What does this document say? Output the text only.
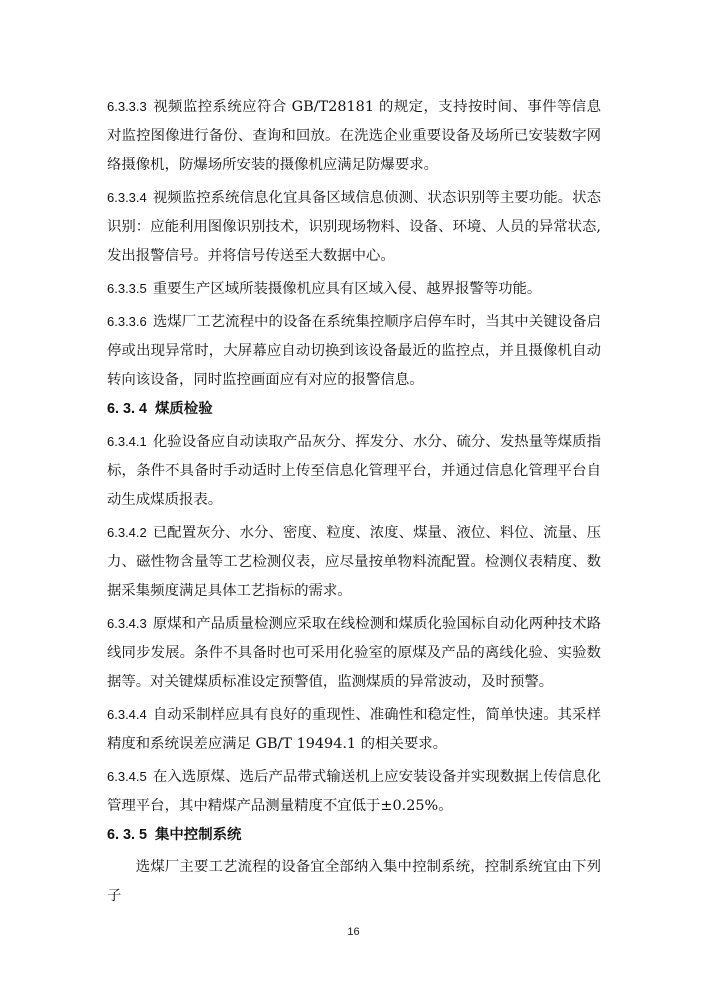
6.3.3.3 视频监控系统应符合 GB/T28181 的规定，支持按时间、事件等信息对监控图像进行备份、查询和回放。在洗选企业重要设备及场所已安装数字网络摄像机，防爆场所安装的摄像机应满足防爆要求。

6.3.3.4 视频监控系统信息化宜具备区域信息侦测、状态识别等主要功能。状态识别：应能利用图像识别技术，识别现场物料、设备、环境、人员的异常状态,发出报警信号。并将信号传送至大数据中心。

6.3.3.5 重要生产区域所装摄像机应具有区域入侵、越界报警等功能。

6.3.3.6 选煤厂工艺流程中的设备在系统集控顺序启停车时，当其中关键设备启停或出现异常时，大屏幕应自动切换到该设备最近的监控点，并且摄像机自动转向该设备，同时监控画面应有对应的报警信息。

6. 3. 4 煤质检验

6.3.4.1 化验设备应自动读取产品灰分、挥发分、水分、硫分、发热量等煤质指标，条件不具备时手动适时上传至信息化管理平台，并通过信息化管理平台自动生成煤质报表。

6.3.4.2 已配置灰分、水分、密度、粒度、浓度、煤量、液位、料位、流量、压力、磁性物含量等工艺检测仪表，应尽量按单物料流配置。检测仪表精度、数据采集频度满足具体工艺指标的需求。

6.3.4.3 原煤和产品质量检测应采取在线检测和煤质化验国标自动化两种技术路线同步发展。条件不具备时也可采用化验室的原煤及产品的离线化验、实验数据等。对关键煤质标准设定预警值，监测煤质的异常波动，及时预警。

6.3.4.4 自动采制样应具有良好的重现性、准确性和稳定性，简单快速。其采样精度和系统误差应满足 GB/T 19494.1 的相关要求。

6.3.4.5 在入选原煤、选后产品带式输送机上应安装设备并实现数据上传信息化管理平台，其中精煤产品测量精度不宜低于±0.25%。

6. 3. 5 集中控制系统

选煤厂主要工艺流程的设备宜全部纳入集中控制系统，控制系统宜由下列子

16
